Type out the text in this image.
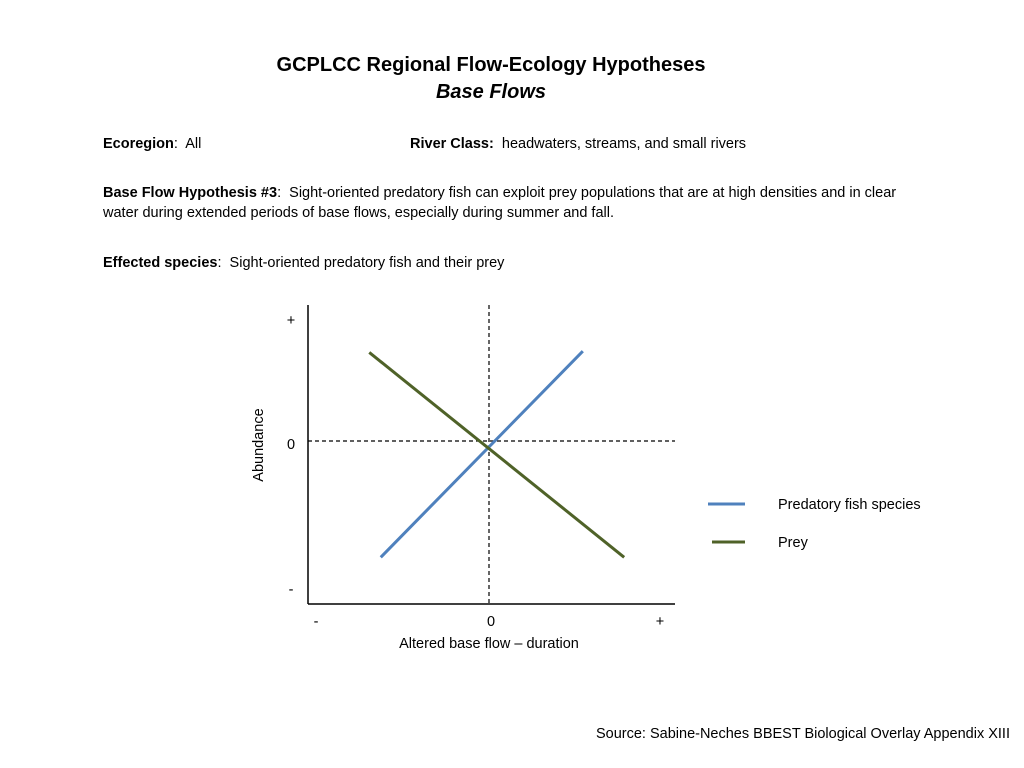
GCPLCC Regional Flow-Ecology Hypotheses
Base Flows
Ecoregion:  All	River Class: headwaters, streams, and small rivers
Base Flow Hypothesis #3:  Sight-oriented predatory fish can exploit prey populations that are at high densities and in clear water during extended periods of base flows, especially during summer and fall.
Effected species:  Sight-oriented predatory fish and their prey
+
0
-
-	0	+
Altered base flow – duration
Abundance
Predatory fish species
Prey
Source: Sabine-Neches BBEST Biological Overlay Appendix XIII
